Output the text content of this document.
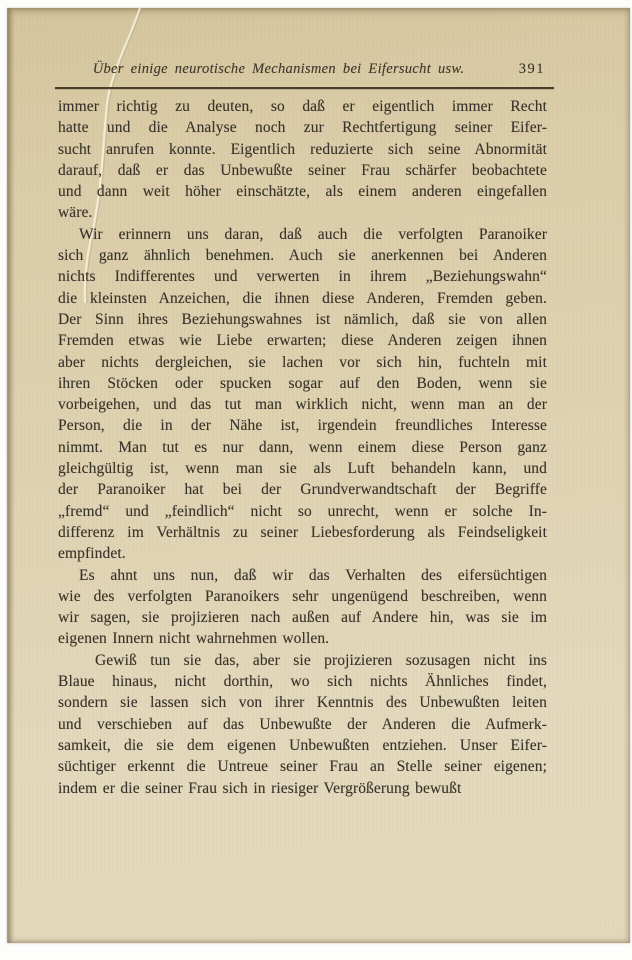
Über einige neurotische Mechanismen bei Eifersucht usw.	391
immer richtig zu deuten, so daß er eigentlich immer Recht
hatte und die Analyse noch zur Rechtfertigung seiner Eifer-
sucht anrufen konnte. Eigentlich reduzierte sich seine Abnormität
darauf, daß er das Unbewußte seiner Frau schärfer beobachtete
und dann weit höher einschätzte, als einem anderen eingefallen
wäre.
Wir erinnern uns daran, daß auch die verfolgten Paranoiker
sich ganz ähnlich benehmen. Auch sie anerkennen bei Anderen
nichts Indifferentes und verwerten in ihrem „Beziehungswahn“
die kleinsten Anzeichen, die ihnen diese Anderen, Fremden geben.
Der Sinn ihres Beziehungswahnes ist nämlich, daß sie von allen
Fremden etwas wie Liebe erwarten; diese Anderen zeigen ihnen
aber nichts dergleichen, sie lachen vor sich hin, fuchteln mit
ihren Stöcken oder spucken sogar auf den Boden, wenn sie
vorbeigehen, und das tut man wirklich nicht, wenn man an der
Person, die in der Nähe ist, irgendein freundliches Interesse
nimmt. Man tut es nur dann, wenn einem diese Person ganz
gleichgültig ist, wenn man sie als Luft behandeln kann, und
der Paranoiker hat bei der Grundverwandtschaft der Begriffe
„fremd“ und „feindlich“ nicht so unrecht, wenn er solche In-
differenz im Verhältnis zu seiner Liebesforderung als Feindseligkeit
empfindet.
Es ahnt uns nun, daß wir das Verhalten des eifersüchtigen
wie des verfolgten Paranoikers sehr ungenügend beschreiben, wenn
wir sagen, sie projizieren nach außen auf Andere hin, was sie im
eigenen Innern nicht wahrnehmen wollen.
Gewiß tun sie das, aber sie projizieren sozusagen nicht ins
Blaue hinaus, nicht dorthin, wo sich nichts Ähnliches findet,
sondern sie lassen sich von ihrer Kenntnis des Unbewußten leiten
und verschieben auf das Unbewußte der Anderen die Aufmerk-
samkeit, die sie dem eigenen Unbewußten entziehen. Unser Eifer-
süchtiger erkennt die Untreue seiner Frau an Stelle seiner eigenen;
indem er die seiner Frau sich in riesiger Vergrößerung bewußt
